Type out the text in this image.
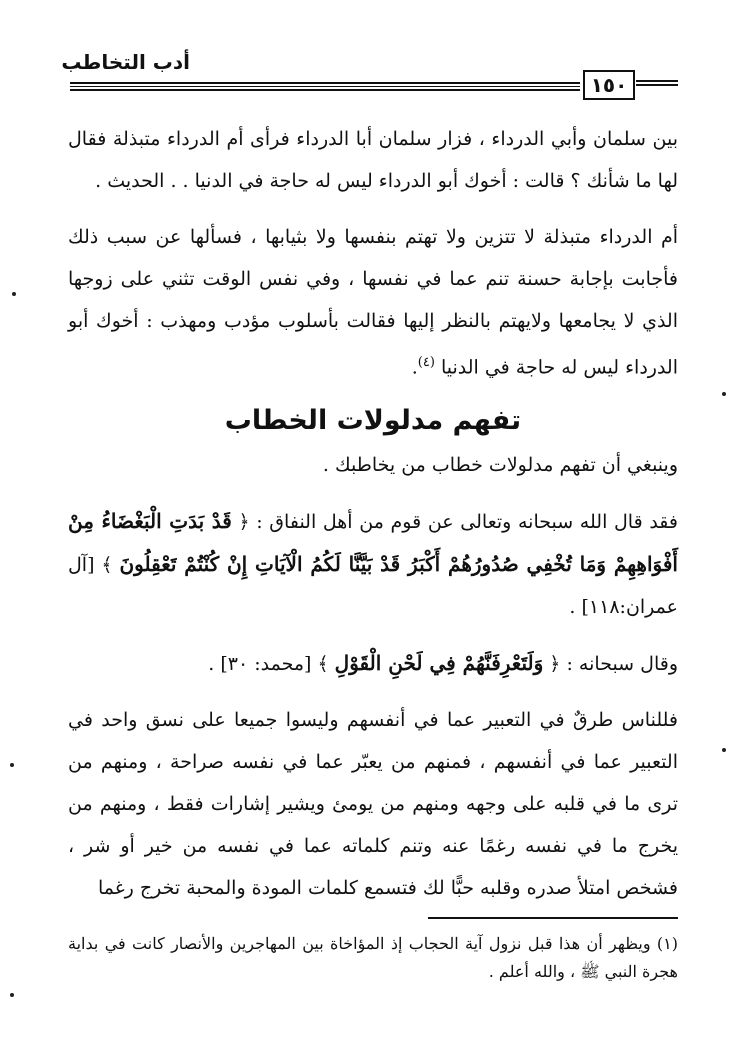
أدب التخاطب
١٥٠

بين سلمان وأبي الدرداء ، فزار سلمان أبا الدرداء فرأى أم الدرداء متبذلة فقال لها ما شأنك ؟ قالت : أخوك أبو الدرداء ليس له حاجة في الدنيا . . الحديث .

أم الدرداء متبذلة لا تتزين ولا تهتم بنفسها ولا بثيابها ، فسألها عن سبب ذلك فأجابت بإجابة حسنة تنم عما في نفسها ، وفي نفس الوقت تثني على زوجها الذي لا يجامعها ولايهتم بالنظر إليها فقالت بأسلوب مؤدب ومهذب : أخوك أبو الدرداء ليس له حاجة في الدنيا $^{(٤)}$.

تفهم مدلولات الخطاب

وينبغي أن تفهم مدلولات خطاب من يخاطبك .

فقد قال الله سبحانه وتعالى عن قوم من أهل النفاق : ﴿ قَدْ بَدَتِ الْبَغْضَاءُ مِنْ أَفْوَاهِهِمْ وَمَا تُخْفِي صُدُورُهُمْ أَكْبَرُ قَدْ بَيَّنَّا لَكُمُ الْآيَاتِ إِنْ كُنْتُمْ تَعْقِلُونَ ﴾ [آل عمران:١١٨] .

وقال سبحانه : ﴿ وَلَتَعْرِفَنَّهُمْ فِي لَحْنِ الْقَوْلِ ﴾ [محمد: ٣٠] .

فللناس طرقٌ في التعبير عما في أنفسهم وليسوا جميعا على نسق واحد في التعبير عما في أنفسهم ، فمنهم من يعبّر عما في نفسه صراحة ، ومنهم من ترى ما في قلبه على وجهه ومنهم من يومئ ويشير إشارات فقط ، ومنهم من يخرج ما في نفسه رغمًا عنه وتنم كلماته عما في نفسه من خير أو شر ، فشخص امتلأ صدره وقلبه حبًّا لك فتسمع كلمات المودة والمحبة تخرج رغما

(١) ويظهر أن هذا قبل نزول آية الحجاب إذ المؤاخاة بين المهاجرين والأنصار كانت في بداية هجرة النبي ﷺ ، والله أعلم .
